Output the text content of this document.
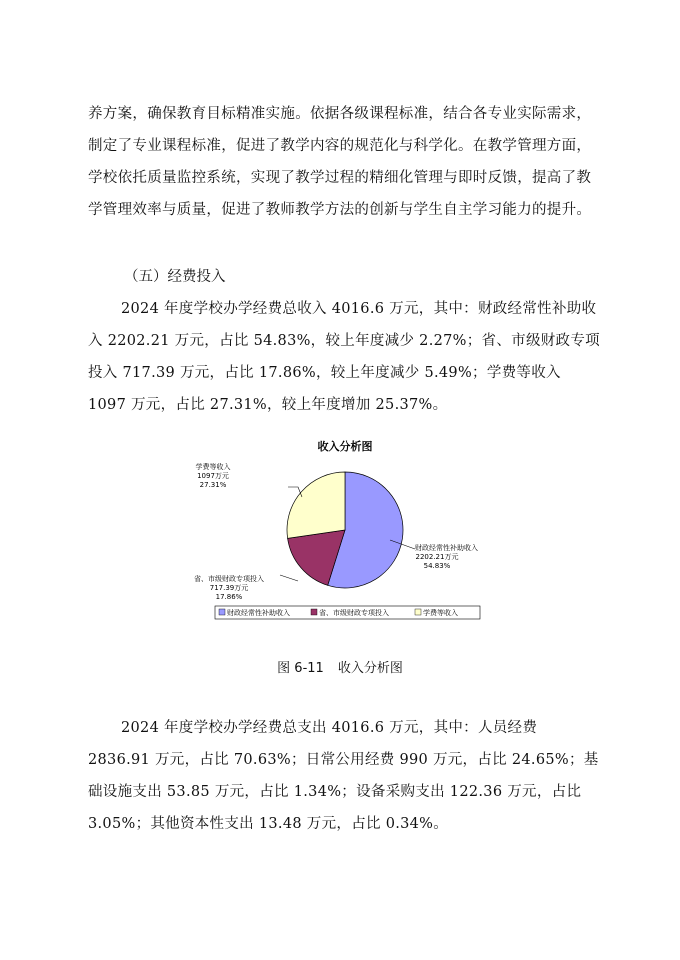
养方案，确保教育目标精准实施。依据各级课程标准，结合各专业实际需求，制定了专业课程标准，促进了教学内容的规范化与科学化。在教学管理方面，学校依托质量监控系统，实现了教学过程的精细化管理与即时反馈，提高了教学管理效率与质量，促进了教师教学方法的创新与学生自主学习能力的提升。

（五）经费投入

2024 年度学校办学经费总收入 4016.6 万元，其中：财政经常性补助收入 2202.21 万元，占比 54.83%，较上年度减少 2.27%；省、市级财政专项投入 717.39 万元，占比 17.86%，较上年度减少 5.49%；学费等收入 1097 万元，占比 27.31%，较上年度增加 25.37%。

收入分析图
财政经常性补助收入
2202.21万元
54.83%
省、市级财政专项投入
717.39万元
17.86%
学费等收入
1097万元
27.31%
财政经常性补助收入	省、市级财政专项投入	学费等收入
图 6-11 收入分析图

2024 年度学校办学经费总支出 4016.6 万元，其中：人员经费 2836.91 万元，占比 70.63%；日常公用经费 990 万元，占比 24.65%；基础设施支出 53.85 万元，占比 1.34%；设备采购支出 122.36 万元，占比 3.05%；其他资本性支出 13.48 万元，占比 0.34%。
